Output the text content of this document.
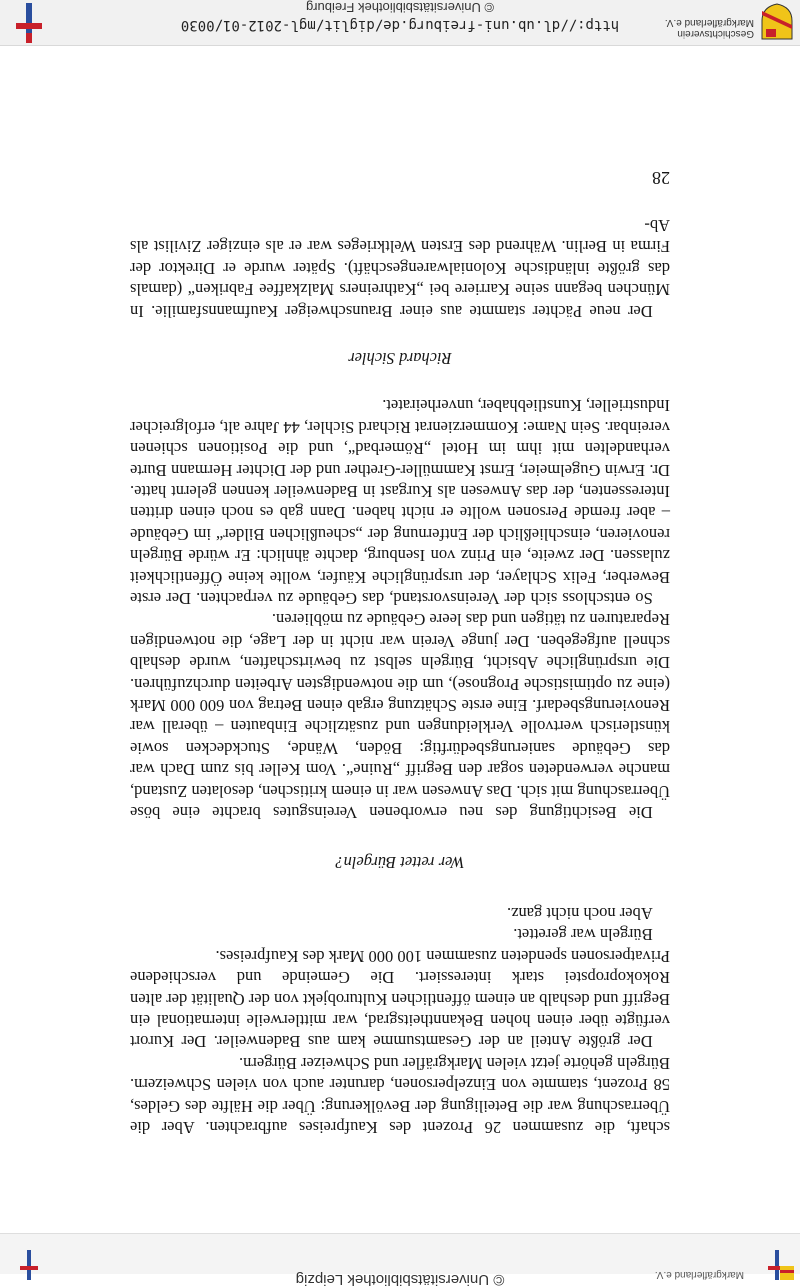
© Universitätsbibliothek Leipzig	Markgräflerland e.V.

schaft, die zusammen 26 Prozent des Kaufpreises aufbrachten. Aber die Überraschung war die Beteiligung der Bevölkerung: Über die Hälfte des Geldes, 58 Prozent, stammte von Einzelpersonen, darunter auch von vielen Schweizern. Bürgeln gehörte jetzt vielen Markgräfler und Schweizer Bürgern.

Der größte Anteil an der Gesamtsumme kam aus Badenweiler. Der Kurort verfügte über einen hohen Bekanntheitsgrad, war mittlerweile international ein Begriff und deshalb an einem öffentlichen Kulturobjekt von der Qualität der alten Rokokopropstei stark interessiert. Die Gemeinde und verschiedene Privatpersonen spendeten zusammen 100 000 Mark des Kaufpreises.

Bürgeln war gerettet.

Aber noch nicht ganz.

Wer rettet Bürgeln?

Die Besichtigung des neu erworbenen Vereinsgutes brachte eine böse Überraschung mit sich. Das Anwesen war in einem kritischen, desolaten Zustand, manche verwendeten sogar den Begriff „Ruine“. Vom Keller bis zum Dach war das Gebäude sanierungsbedürftig: Böden, Wände, Stuckdecken sowie künstlerisch wertvolle Verkleidungen und zusätzliche Einbauten – überall war Renovierungsbedarf. Eine erste Schätzung ergab einen Betrag von 600 000 Mark (eine zu optimistische Prognose), um die notwendigsten Arbeiten durchzuführen. Die ursprüngliche Absicht, Bürgeln selbst zu bewirtschaften, wurde deshalb schnell aufgegeben. Der junge Verein war nicht in der Lage, die notwendigen Reparaturen zu tätigen und das leere Gebäude zu möblieren.

So entschloss sich der Vereinsvorstand, das Gebäude zu verpachten. Der erste Bewerber, Felix Schlayer, der ursprüngliche Käufer, wollte keine Öffentlichkeit zulassen. Der zweite, ein Prinz von Isenburg, dachte ähnlich: Er würde Bürgeln renovieren, einschließlich der Entfernung der „scheußlichen Bilder“ im Gebäude – aber fremde Personen wollte er nicht haben. Dann gab es noch einen dritten Interessenten, der das Anwesen als Kurgast in Badenweiler kennen gelernt hatte. Dr. Erwin Gugelmeier, Ernst Kammüller-Grether und der Dichter Hermann Burte verhandelten mit ihm im Hotel „Römerbad“, und die Positionen schienen vereinbar. Sein Name: Kommerzienrat Richard Sichler, 44 Jahre alt, erfolgreicher Industrieller, Kunstliebhaber, unverheiratet.

Richard Sichler

Der neue Pächter stammte aus einer Braunschweiger Kaufmannsfamilie. In München begann seine Karriere bei „Kathreiners Malzkaffee Fabriken“ (damals das größte inländische Kolonialwarengeschäft). Später wurde er Direktor der Firma in Berlin. Während des Ersten Weltkrieges war er als einziger Zivilist als Ab-

28
http://dl.ub.uni-freiburg.de/diglit/mgl-2012-01/0030
© Universitätsbibliothek Freiburg
Geschichtsverein
Markgräflerland e.V.
